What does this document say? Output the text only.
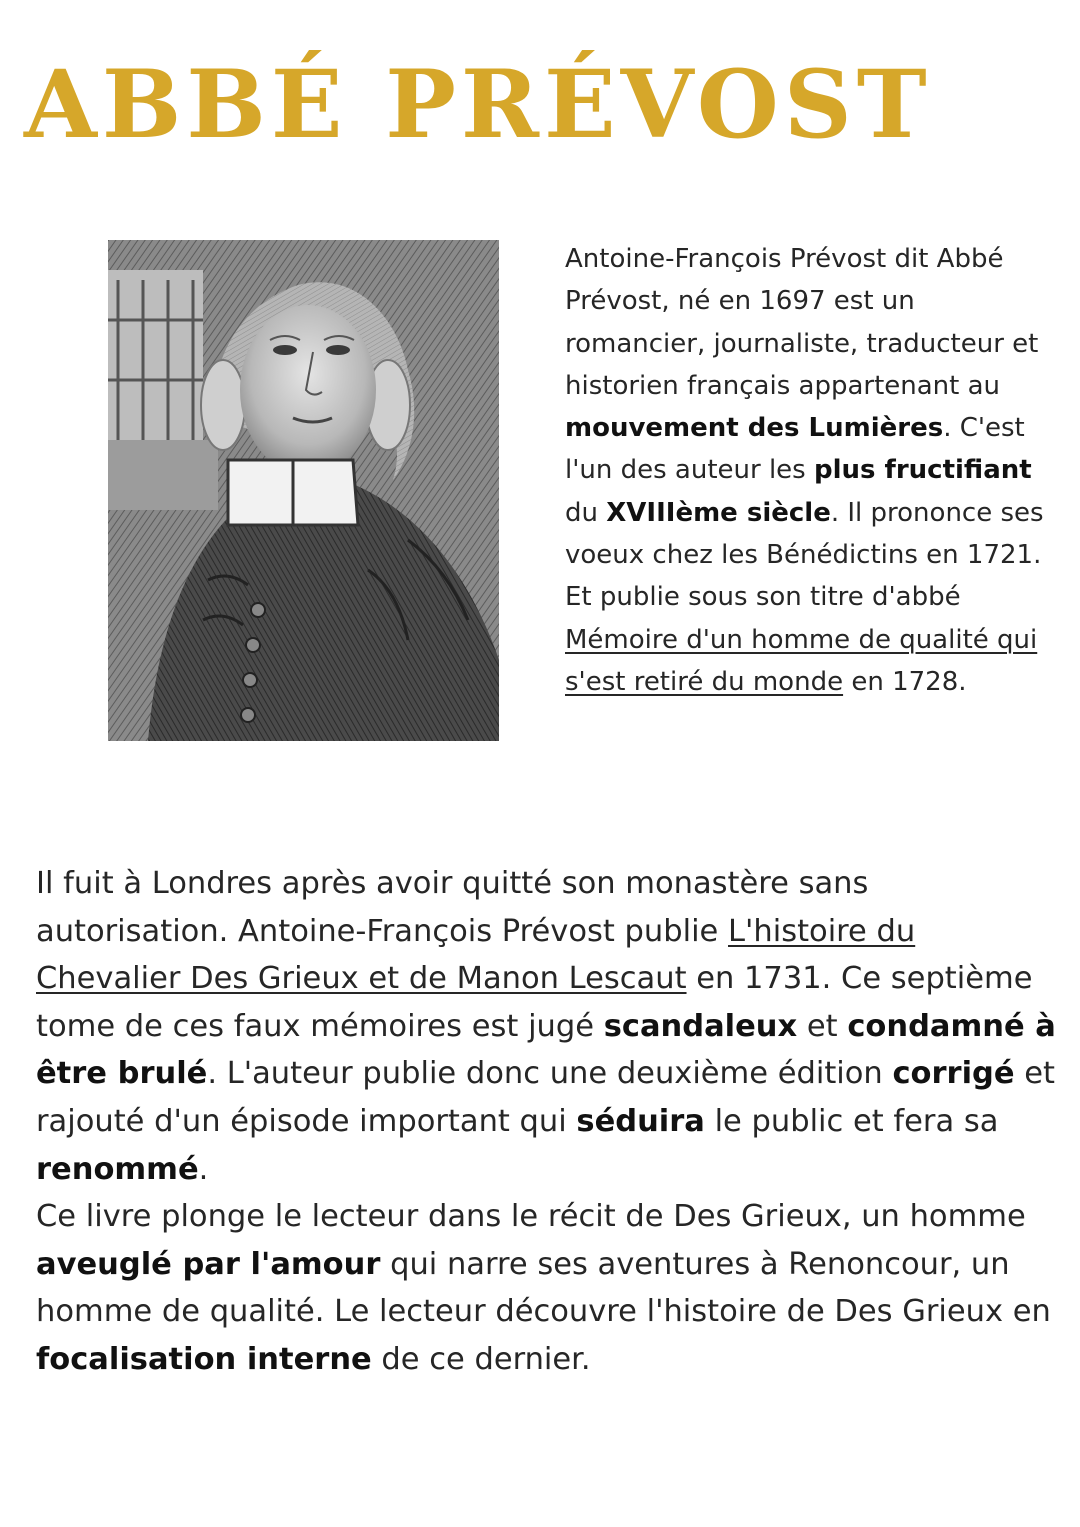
ABBÉ PRÉVOST

Antoine-François Prévost dit Abbé Prévost, né en 1697 est un romancier, journaliste, traducteur et historien français appartenant au mouvement des Lumières. C'est l'un des auteur les plus fructifiant du XVIIIème siècle. Il prononce ses voeux chez les Bénédictins en 1721. Et publie sous son titre d'abbé Mémoire d'un homme de qualité qui s'est retiré du monde en 1728.

Il fuit à Londres après avoir quitté son monastère sans autorisation. Antoine-François Prévost publie L'histoire du Chevalier Des Grieux et de Manon Lescaut en 1731. Ce septième tome de ces faux mémoires est jugé scandaleux et condamné à être brulé. L'auteur publie donc une deuxième édition corrigé et rajouté d'un épisode important qui séduira le public et fera sa renommé.

Ce livre plonge le lecteur dans le récit de Des Grieux, un homme aveuglé par l'amour qui narre ses aventures à Renoncour, un homme de qualité. Le lecteur découvre l'histoire de Des Grieux en focalisation interne de ce dernier.
